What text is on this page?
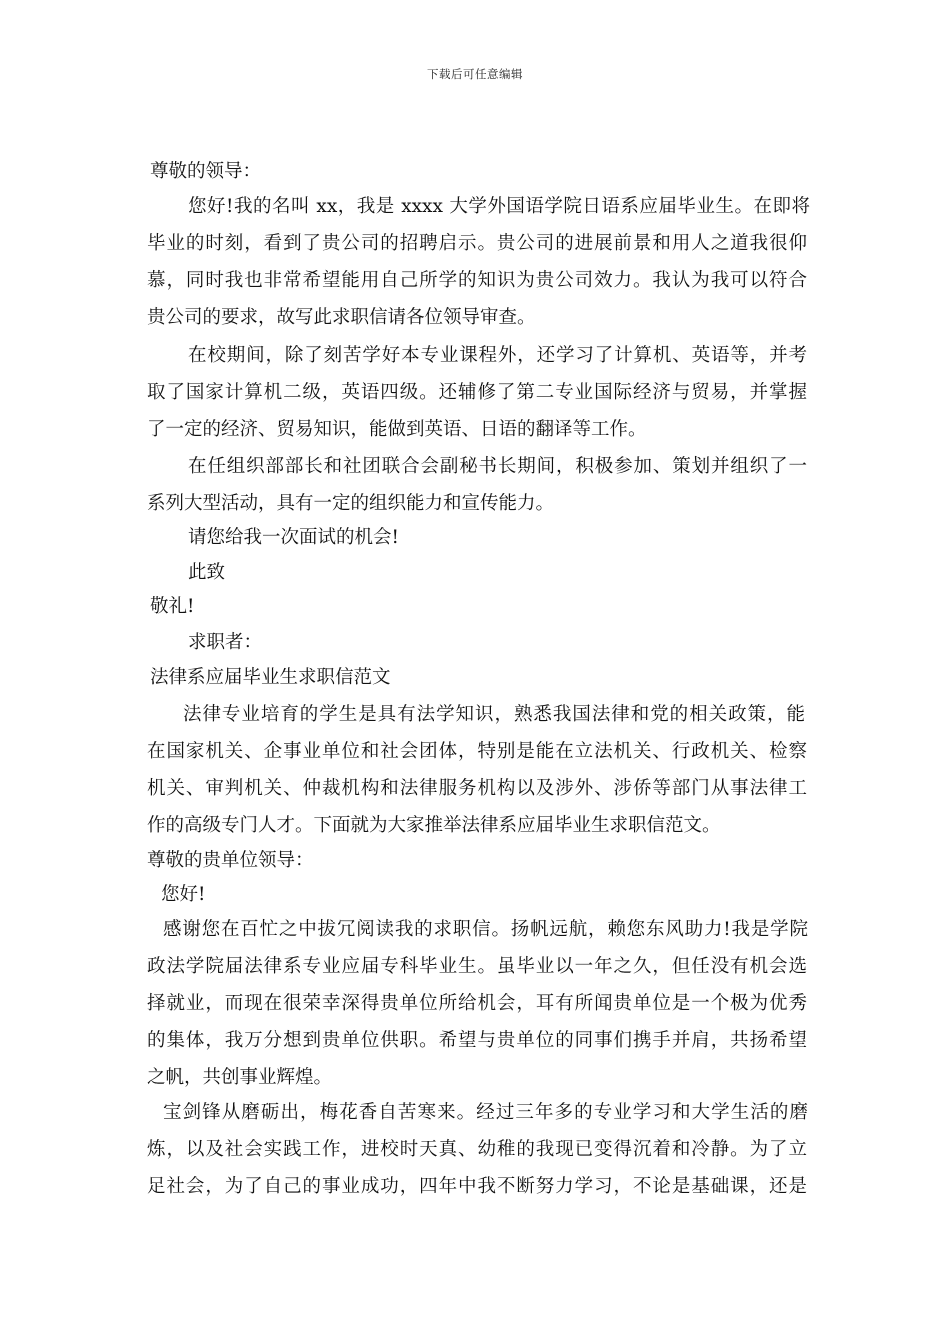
下载后可任意编辑
尊敬的领导：
您好!我的名叫 xx，我是 xxxx 大学外国语学院日语系应届毕业生。在即将
毕业的时刻，看到了贵公司的招聘启示。贵公司的进展前景和用人之道我很仰
慕，同时我也非常希望能用自己所学的知识为贵公司效力。我认为我可以符合
贵公司的要求，故写此求职信请各位领导审查。
在校期间，除了刻苦学好本专业课程外，还学习了计算机、英语等，并考
取了国家计算机二级，英语四级。还辅修了第二专业国际经济与贸易，并掌握
了一定的经济、贸易知识，能做到英语、日语的翻译等工作。
在任组织部部长和社团联合会副秘书长期间，积极参加、策划并组织了一
系列大型活动，具有一定的组织能力和宣传能力。
请您给我一次面试的机会!
此致
敬礼!
求职者：
法律系应届毕业生求职信范文
法律专业培育的学生是具有法学知识，熟悉我国法律和党的相关政策，能
在国家机关、企事业单位和社会团体，特别是能在立法机关、行政机关、检察
机关、审判机关、仲裁机构和法律服务机构以及涉外、涉侨等部门从事法律工
作的高级专门人才。下面就为大家推举法律系应届毕业生求职信范文。
尊敬的贵单位领导：
您好!
感谢您在百忙之中拔冗阅读我的求职信。扬帆远航，赖您东风助力!我是学院
政法学院届法律系专业应届专科毕业生。虽毕业以一年之久，但任没有机会选
择就业，而现在很荣幸深得贵单位所给机会，耳有所闻贵单位是一个极为优秀
的集体，我万分想到贵单位供职。希望与贵单位的同事们携手并肩，共扬希望
之帆，共创事业辉煌。
宝剑锋从磨砺出，梅花香自苦寒来。经过三年多的专业学习和大学生活的磨
炼，以及社会实践工作，进校时天真、幼稚的我现已变得沉着和冷静。为了立
足社会，为了自己的事业成功，四年中我不断努力学习，不论是基础课，还是
